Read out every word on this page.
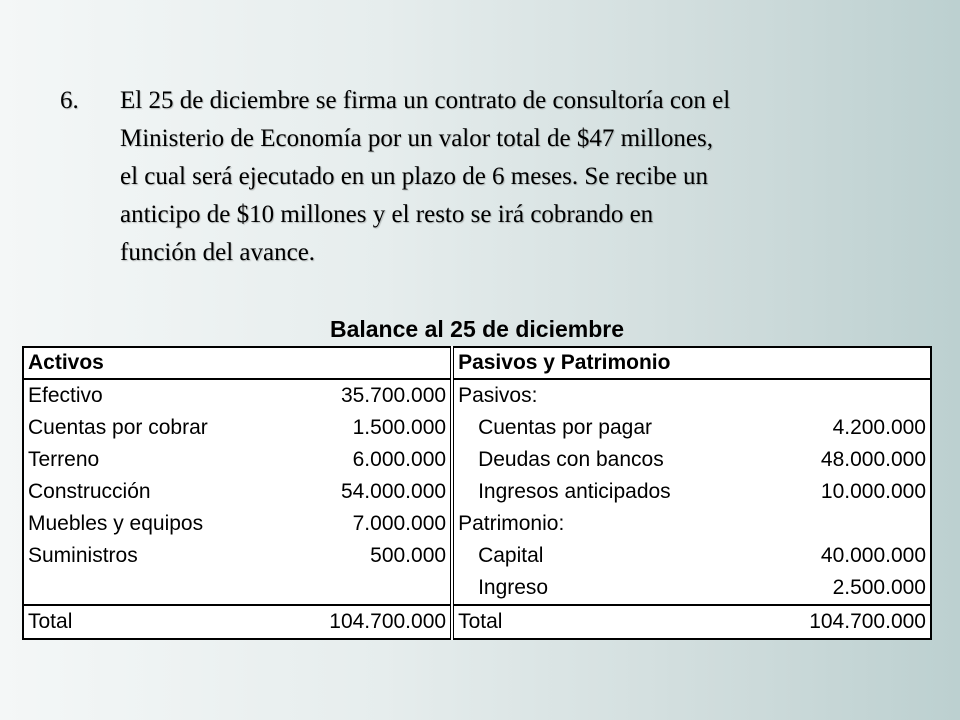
6. El 25 de diciembre se firma un contrato de consultoría con el
Ministerio de Economía por un valor total de $47 millones,
el cual será ejecutado en un plazo de 6 meses. Se recibe un
anticipo de $10 millones y el resto se irá cobrando en
función del avance.
Balance al 25 de diciembre
Activos		Pasivos y Patrimonio	
Efectivo	35.700.000	Pasivos:	
Cuentas por cobrar	1.500.000	Cuentas por pagar	4.200.000
Terreno	6.000.000	Deudas con bancos	48.000.000
Construcción	54.000.000	Ingresos anticipados	10.000.000
Muebles y equipos	7.000.000	Patrimonio:	
Suministros	500.000	Capital	40.000.000
		Ingreso	2.500.000
Total	104.700.000	Total	104.700.000
